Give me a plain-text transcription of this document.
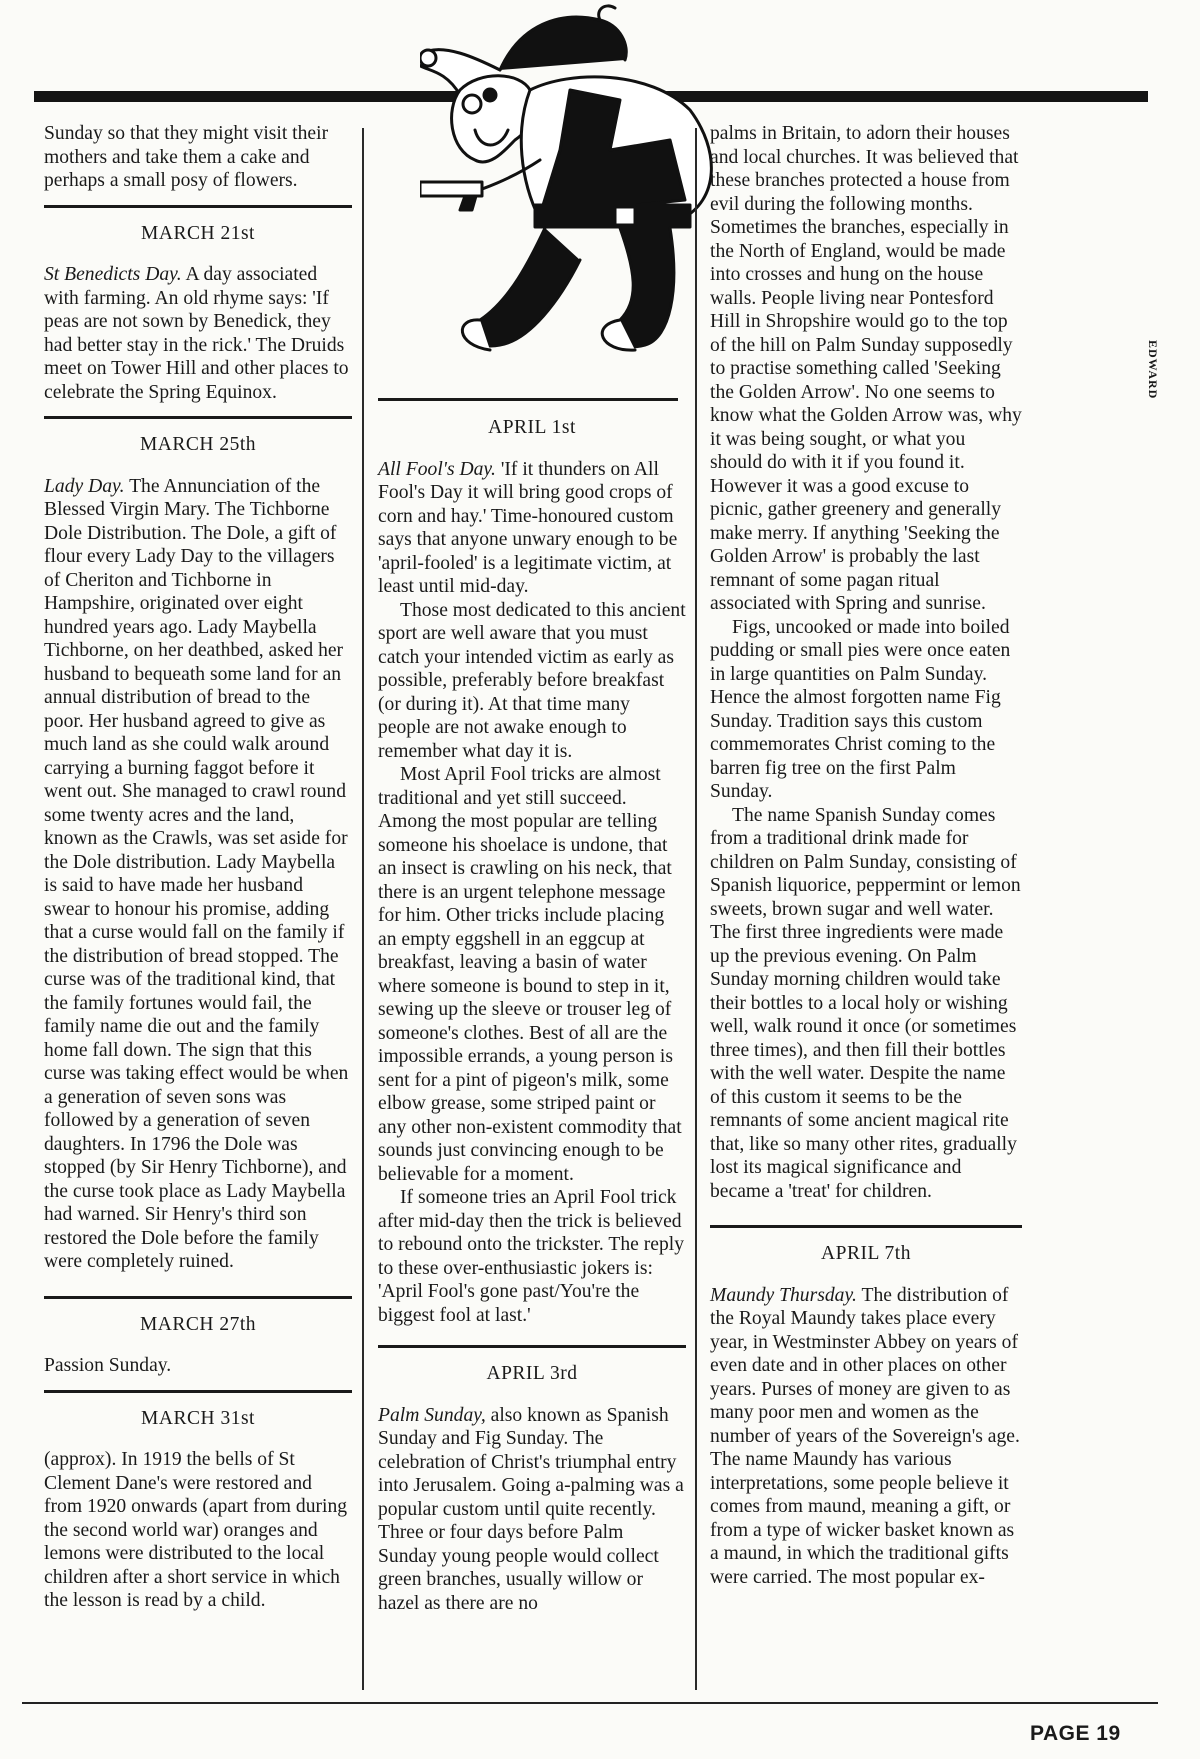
EDWARD

Sunday so that they might visit their mothers and take them a cake and perhaps a small posy of flowers.

MARCH 21st

St Benedicts Day. A day associated with farming. An old rhyme says: 'If peas are not sown by Benedick, they had better stay in the rick.' The Druids meet on Tower Hill and other places to celebrate the Spring Equinox.

MARCH 25th

Lady Day. The Annunciation of the Blessed Virgin Mary. The Tichborne Dole Distribution. The Dole, a gift of flour every Lady Day to the villagers of Cheriton and Tichborne in Hampshire, originated over eight hundred years ago. Lady Maybella Tichborne, on her deathbed, asked her husband to bequeath some land for an annual distribution of bread to the poor. Her husband agreed to give as much land as she could walk around carrying a burning faggot before it went out. She managed to crawl round some twenty acres and the land, known as the Crawls, was set aside for the Dole distribution. Lady Maybella is said to have made her husband swear to honour his promise, adding that a curse would fall on the family if the distribution of bread stopped. The curse was of the traditional kind, that the family fortunes would fail, the family name die out and the family home fall down. The sign that this curse was taking effect would be when a generation of seven sons was followed by a generation of seven daughters. In 1796 the Dole was stopped (by Sir Henry Tichborne), and the curse took place as Lady Maybella had warned. Sir Henry's third son restored the Dole before the family were completely ruined.

MARCH 27th

Passion Sunday.

MARCH 31st

(approx). In 1919 the bells of St Clement Dane's were restored and from 1920 onwards (apart from during the second world war) oranges and lemons were distributed to the local children after a short service in which the lesson is read by a child.

APRIL 1st

All Fool's Day. 'If it thunders on All Fool's Day it will bring good crops of corn and hay.' Time-honoured custom says that anyone unwary enough to be 'april-fooled' is a legitimate victim, at least until mid-day.

Those most dedicated to this ancient sport are well aware that you must catch your intended victim as early as possible, preferably before breakfast (or during it). At that time many people are not awake enough to remember what day it is.

Most April Fool tricks are almost traditional and yet still succeed. Among the most popular are telling someone his shoelace is undone, that an insect is crawling on his neck, that there is an urgent telephone message for him. Other tricks include placing an empty eggshell in an eggcup at breakfast, leaving a basin of water where someone is bound to step in it, sewing up the sleeve or trouser leg of someone's clothes. Best of all are the impossible errands, a young person is sent for a pint of pigeon's milk, some elbow grease, some striped paint or any other non-existent commodity that sounds just convincing enough to be believable for a moment.

If someone tries an April Fool trick after mid-day then the trick is believed to rebound onto the trickster. The reply to these over-enthusiastic jokers is: 'April Fool's gone past/You're the biggest fool at last.'

APRIL 3rd

Palm Sunday, also known as Spanish Sunday and Fig Sunday. The celebration of Christ's triumphal entry into Jerusalem. Going a-palming was a popular custom until quite recently. Three or four days before Palm Sunday young people would collect green branches, usually willow or hazel as there are no

palms in Britain, to adorn their houses and local churches. It was believed that these branches protected a house from evil during the following months. Sometimes the branches, especially in the North of England, would be made into crosses and hung on the house walls. People living near Pontesford Hill in Shropshire would go to the top of the hill on Palm Sunday supposedly to practise something called 'Seeking the Golden Arrow'. No one seems to know what the Golden Arrow was, why it was being sought, or what you should do with it if you found it. However it was a good excuse to picnic, gather greenery and generally make merry. If anything 'Seeking the Golden Arrow' is probably the last remnant of some pagan ritual associated with Spring and sunrise.

Figs, uncooked or made into boiled pudding or small pies were once eaten in large quantities on Palm Sunday. Hence the almost forgotten name Fig Sunday. Tradition says this custom commemorates Christ coming to the barren fig tree on the first Palm Sunday.

The name Spanish Sunday comes from a traditional drink made for children on Palm Sunday, consisting of Spanish liquorice, peppermint or lemon sweets, brown sugar and well water. The first three ingredients were made up the previous evening. On Palm Sunday morning children would take their bottles to a local holy or wishing well, walk round it once (or sometimes three times), and then fill their bottles with the well water. Despite the name of this custom it seems to be the remnants of some ancient magical rite that, like so many other rites, gradually lost its magical significance and became a 'treat' for children.

APRIL 7th

Maundy Thursday. The distribution of the Royal Maundy takes place every year, in Westminster Abbey on years of even date and in other places on other years. Purses of money are given to as many poor men and women as the number of years of the Sovereign's age. The name Maundy has various interpretations, some people believe it comes from maund, meaning a gift, or from a type of wicker basket known as a maund, in which the traditional gifts were carried. The most popular ex-

PAGE 19
